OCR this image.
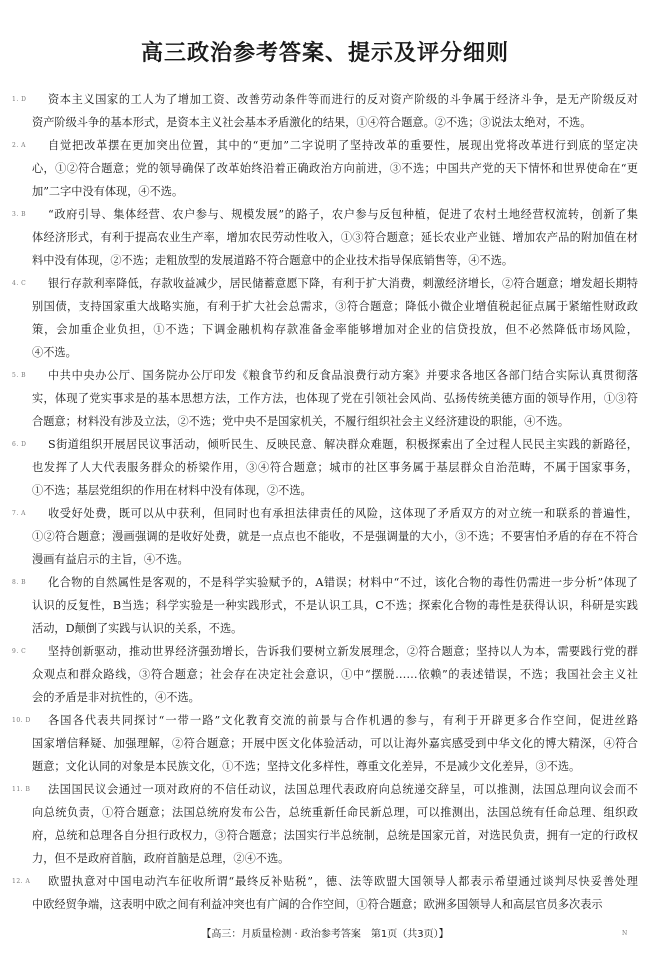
高三政治参考答案、提示及评分细则
1. D	资本主义国家的工人为了增加工资、改善劳动条件等而进行的反对资产阶级的斗争属于经济斗争，是无产阶级反对
资产阶级斗争的基本形式，是资本主义社会基本矛盾激化的结果，①④符合题意。②不选；③说法太绝对，不选。
2. A	自觉把改革摆在更加突出位置，其中的“更加”二字说明了坚持改革的重要性，展现出党将改革进行到底的坚定决
心，①②符合题意；党的领导确保了改革始终沿着正确政治方向前进，③不选；中国共产党的天下情怀和世界使命在“更
加”二字中没有体现，④不选。
3. B	“政府引导、集体经营、农户参与、规模发展”的路子，农户参与反包种植，促进了农村土地经营权流转，创新了集
体经济形式，有利于提高农业生产率，增加农民劳动性收入，①③符合题意；延长农业产业链、增加农产品的附加值在材
料中没有体现，②不选；走粗放型的发展道路不符合题意中的企业技术指导保底销售等，④不选。
4. C	银行存款利率降低，存款收益减少，居民储蓄意愿下降，有利于扩大消费，刺激经济增长，②符合题意；增发超长期特
别国债，支持国家重大战略实施，有利于扩大社会总需求，③符合题意；降低小微企业增值税起征点属于紧缩性财政政
策，会加重企业负担，①不选；下调金融机构存款准备金率能够增加对企业的信贷投放，但不必然降低市场风险，
④不选。
5. B	中共中央办公厅、国务院办公厅印发《粮食节约和反食品浪费行动方案》并要求各地区各部门结合实际认真贯彻落
实，体现了党实事求是的基本思想方法，工作方法，也体现了党在引领社会风尚、弘扬传统美德方面的领导作用，①③符
合题意；材料没有涉及立法，②不选；党中央不是国家机关，不履行组织社会主义经济建设的职能，④不选。
6. D	S街道组织开展居民议事活动，倾听民生、反映民意、解决群众难题，积极探索出了全过程人民民主实践的新路径，
也发挥了人大代表服务群众的桥梁作用，③④符合题意；城市的社区事务属于基层群众自治范畴，不属于国家事务，
①不选；基层党组织的作用在材料中没有体现，②不选。
7. A	收受好处费，既可以从中获利，但同时也有承担法律责任的风险，这体现了矛盾双方的对立统一和联系的普遍性，
①②符合题意；漫画强调的是收好处费，就是一点点也不能收，不是强调量的大小，③不选；不要害怕矛盾的存在不符合
漫画有益启示的主旨，④不选。
8. B	化合物的自然属性是客观的，不是科学实验赋予的，A错误；材料中“不过，该化合物的毒性仍需进一步分析”体现了
认识的反复性，B当选；科学实验是一种实践形式，不是认识工具，C不选；探索化合物的毒性是获得认识，科研是实践
活动，D颠倒了实践与认识的关系，不选。
9. C	坚持创新驱动，推动世界经济强劲增长，告诉我们要树立新发展理念，②符合题意；坚持以人为本，需要践行党的群
众观点和群众路线，③符合题意；社会存在决定社会意识，①中“摆脱……依赖”的表述错误，不选；我国社会主义社
会的矛盾是非对抗性的，④不选。
10. D 各国各代表共同探讨“一带一路”文化教育交流的前景与合作机遇的参与，有利于开辟更多合作空间，促进丝路
国家增信释疑、加强理解，②符合题意；开展中医文化体验活动，可以让海外嘉宾感受到中华文化的博大精深，④符合
题意；文化认同的对象是本民族文化，①不选；坚持文化多样性，尊重文化差异，不是减少文化差异，③不选。
11. B	法国国民议会通过一项对政府的不信任动议，法国总理代表政府向总统递交辞呈，可以推测，法国总理向议会而不
向总统负责，①符合题意；法国总统府发布公告，总统重新任命民新总理，可以推测出，法国总统有任命总理、组织政
府，总统和总理各自分担行政权力，③符合题意；法国实行半总统制，总统是国家元首，对选民负责，拥有一定的行政权
力，但不是政府首脑，政府首脑是总理，②④不选。
12. A	欧盟执意对中国电动汽车征收所谓“最终反补贴税”，德、法等欧盟大国领导人都表示希望通过谈判尽快妥善处理
中欧经贸争端，这表明中欧之间有利益冲突也有广阔的合作空间，①符合题意；欧洲多国领导人和高层官员多次表示
【高三：月质量检测 · 政治参考答案　第1页（共3页）】	N
